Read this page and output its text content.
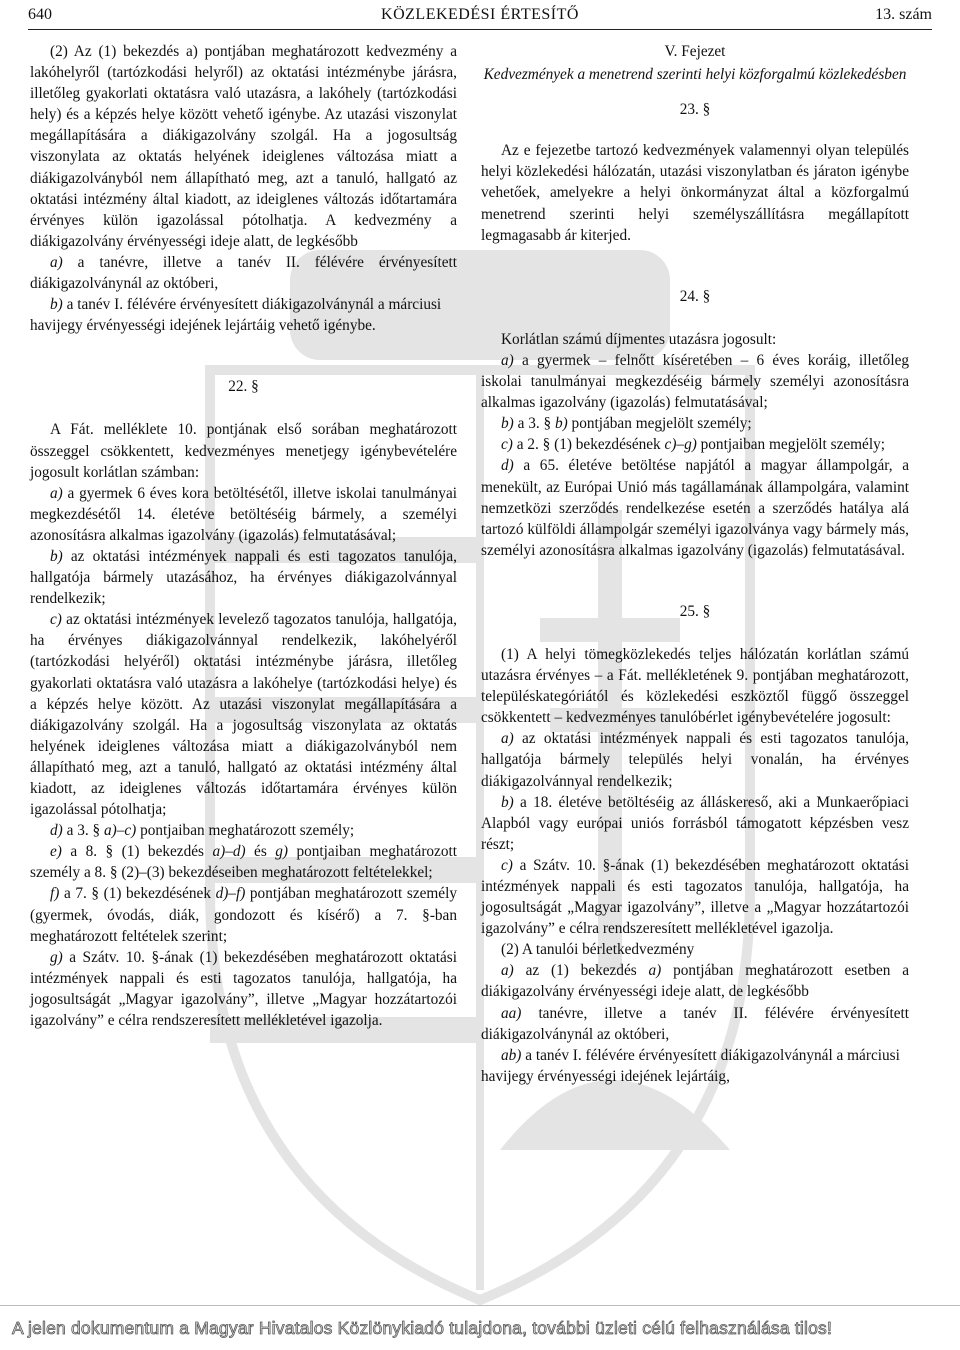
640	KÖZLEKEDÉSI ÉRTESÍTŐ	13. szám

(2) Az (1) bekezdés a) pontjában meghatározott kedvezmény a lakóhelyről (tartózkodási helyről) az oktatási intézménybe járásra, illetőleg gyakorlati oktatásra való utazásra, a lakóhely (tartózkodási hely) és a képzés helye között vehető igénybe. Az utazási viszonylat megállapítására a diákigazolvány szolgál. Ha a jogosultság viszonylata az oktatás helyének ideiglenes változása miatt a diákigazolványból nem állapítható meg, azt a tanuló, hallgató az oktatási intézmény által kiadott, az ideiglenes változás időtartamára érvényes külön igazolással pótolhatja. A kedvezmény a diákigazolvány érvényességi ideje alatt, de legkésőbb

a) a tanévre, illetve a tanév II. félévére érvényesített diákigazolványnál az októberi,

b) a tanév I. félévére érvényesített diákigazolványnál a márciusi

havijegy érvényességi idejének lejártáig vehető igénybe.

22. §

A Fát. melléklete 10. pontjának első sorában meghatározott összeggel csökkentett, kedvezményes menetjegy igénybevételére jogosult korlátlan számban:

a) a gyermek 6 éves kora betöltésétől, illetve iskolai tanulmányai megkezdésétől 14. életéve betöltéséig bármely, a személyi azonosításra alkalmas igazolvány (igazolás) felmutatásával;

b) az oktatási intézmények nappali és esti tagozatos tanulója, hallgatója bármely utazásához, ha érvényes diákigazolvánnyal rendelkezik;

c) az oktatási intézmények levelező tagozatos tanulója, hallgatója, ha érvényes diákigazolvánnyal rendelkezik, lakóhelyéről (tartózkodási helyéről) oktatási intézménybe járásra, illetőleg gyakorlati oktatásra való utazásra a lakóhelye (tartózkodási helye) és a képzés helye között. Az utazási viszonylat megállapítására a diákigazolvány szolgál. Ha a jogosultság viszonylata az oktatás helyének ideiglenes változása miatt a diákigazolványból nem állapítható meg, azt a tanuló, hallgató az oktatási intézmény által kiadott, az ideiglenes változás időtartamára érvényes külön igazolással pótolhatja;

d) a 3. § a)–c) pontjaiban meghatározott személy;

e) a 8. § (1) bekezdés a)–d) és g) pontjaiban meghatározott személy a 8. § (2)–(3) bekezdéseiben meghatározott feltételekkel;

f) a 7. § (1) bekezdésének d)–f) pontjában meghatározott személy (gyermek, óvodás, diák, gondozott és kísérő) a 7. §-ban meghatározott feltételek szerint;

g) a Szátv. 10. §-ának (1) bekezdésében meghatározott oktatási intézmények nappali és esti tagozatos tanulója, hallgatója, ha jogosultságát „Magyar igazolvány”, illetve „Magyar hozzátartozói igazolvány” e célra rendszeresített mellékletével igazolja.

V. Fejezet

Kedvezmények a menetrend szerinti helyi közforgalmú közlekedésben

23. §

Az e fejezetbe tartozó kedvezmények valamennyi olyan település helyi közlekedési hálózatán, utazási viszonylatban és járaton igénybe vehetőek, amelyekre a helyi önkormányzat által a közforgalmú menetrend szerinti helyi személyszállításra megállapított legmagasabb ár kiterjed.

24. §

Korlátlan számú díjmentes utazásra jogosult:

a) a gyermek – felnőtt kíséretében – 6 éves koráig, illetőleg iskolai tanulmányai megkezdéséig bármely személyi azonosításra alkalmas igazolvány (igazolás) felmutatásával;

b) a 3. § b) pontjában megjelölt személy;

c) a 2. § (1) bekezdésének c)–g) pontjaiban megjelölt személy;

d) a 65. életéve betöltése napjától a magyar állampolgár, a menekült, az Európai Unió más tagállamának állampolgára, valamint nemzetközi szerződés rendelkezése esetén a szerződés hatálya alá tartozó külföldi állampolgár személyi igazolványa vagy bármely más, személyi azonosításra alkalmas igazolvány (igazolás) felmutatásával.

25. §

(1) A helyi tömegközlekedés teljes hálózatán korlátlan számú utazásra érvényes – a Fát. mellékletének 9. pontjában meghatározott, településkategóriától és közlekedési eszköztől függő összeggel csökkentett – kedvezményes tanulóbérlet igénybevételére jogosult:

a) az oktatási intézmények nappali és esti tagozatos tanulója, hallgatója bármely település helyi vonalán, ha érvényes diákigazolvánnyal rendelkezik;

b) a 18. életéve betöltéséig az álláskereső, aki a Munkaerőpiaci Alapból vagy európai uniós forrásból támogatott képzésben vesz részt;

c) a Szátv. 10. §-ának (1) bekezdésében meghatározott oktatási intézmények nappali és esti tagozatos tanulója, hallgatója, ha jogosultságát „Magyar igazolvány”, illetve a „Magyar hozzátartozói igazolvány” e célra rendszeresített mellékletével igazolja.

(2) A tanulói bérletkedvezmény

a) az (1) bekezdés a) pontjában meghatározott esetben a diákigazolvány érvényességi ideje alatt, de legkésőbb

aa) tanévre, illetve a tanév II. félévére érvényesített diákigazolványnál az októberi,

ab) a tanév I. félévére érvényesített diákigazolványnál a márciusi

havijegy érvényességi idejének lejártáig,

A jelen dokumentum a Magyar Hivatalos Közlönykiadó tulajdona, további üzleti célú felhasználása tilos!
